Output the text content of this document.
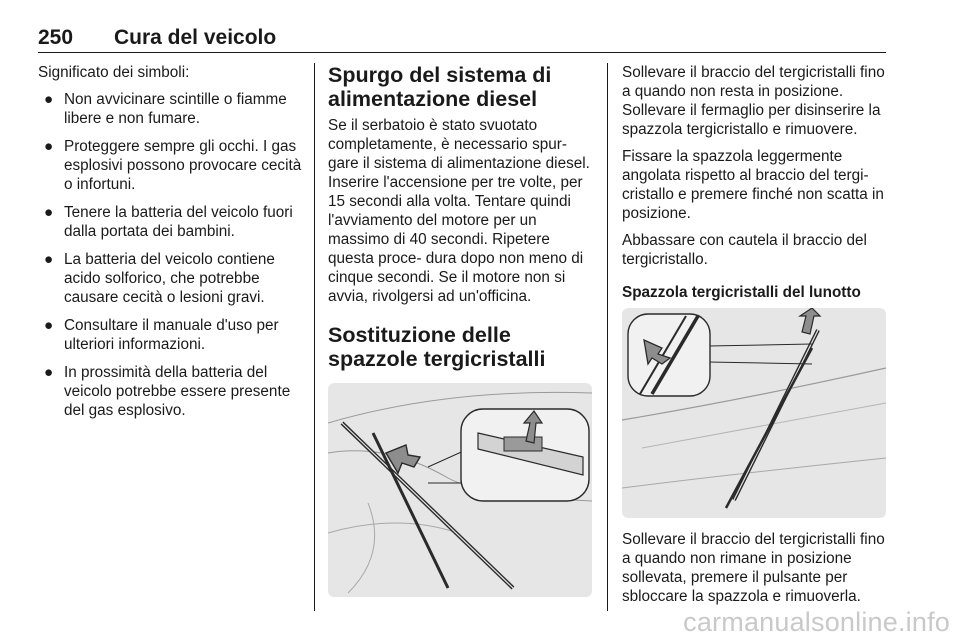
250 Cura del veicolo

Significato dei simboli:

● Non avvicinare scintille o fiamme libere e non fumare.
● Proteggere sempre gli occhi. I gas esplosivi possono provocare cecità o infortuni.
● Tenere la batteria del veicolo fuori dalla portata dei bambini.
● La batteria del veicolo contiene acido solforico, che potrebbe causare cecità o lesioni gravi.
● Consultare il manuale d'uso per ulteriori informazioni.
● In prossimità della batteria del veicolo potrebbe essere presente del gas esplosivo.
Spurgo del sistema di alimentazione diesel

Se il serbatoio è stato svuotato completamente, è necessario spur- gare il sistema di alimentazione diesel. Inserire l'accensione per tre volte, per 15 secondi alla volta. Tentare quindi l'avviamento del motore per un massimo di 40 secondi. Ripetere questa proce- dura dopo non meno di cinque secondi. Se il motore non si avvia, rivolgersi ad un'officina.

Sostituzione delle spazzole tergicristalli

Sollevare il braccio del tergicristalli fino a quando non resta in posizione. Sollevare il fermaglio per disinserire la spazzola tergicristallo e rimuovere.

Fissare la spazzola leggermente angolata rispetto al braccio del tergi- cristallo e premere finché non scatta in posizione.

Abbassare con cautela il braccio del tergicristallo.

Spazzola tergicristalli del lunotto

Sollevare il braccio del tergicristalli fino a quando non rimane in posizione sollevata, premere il pulsante per sbloccare la spazzola e rimuoverla.

carmanualsonline.info
